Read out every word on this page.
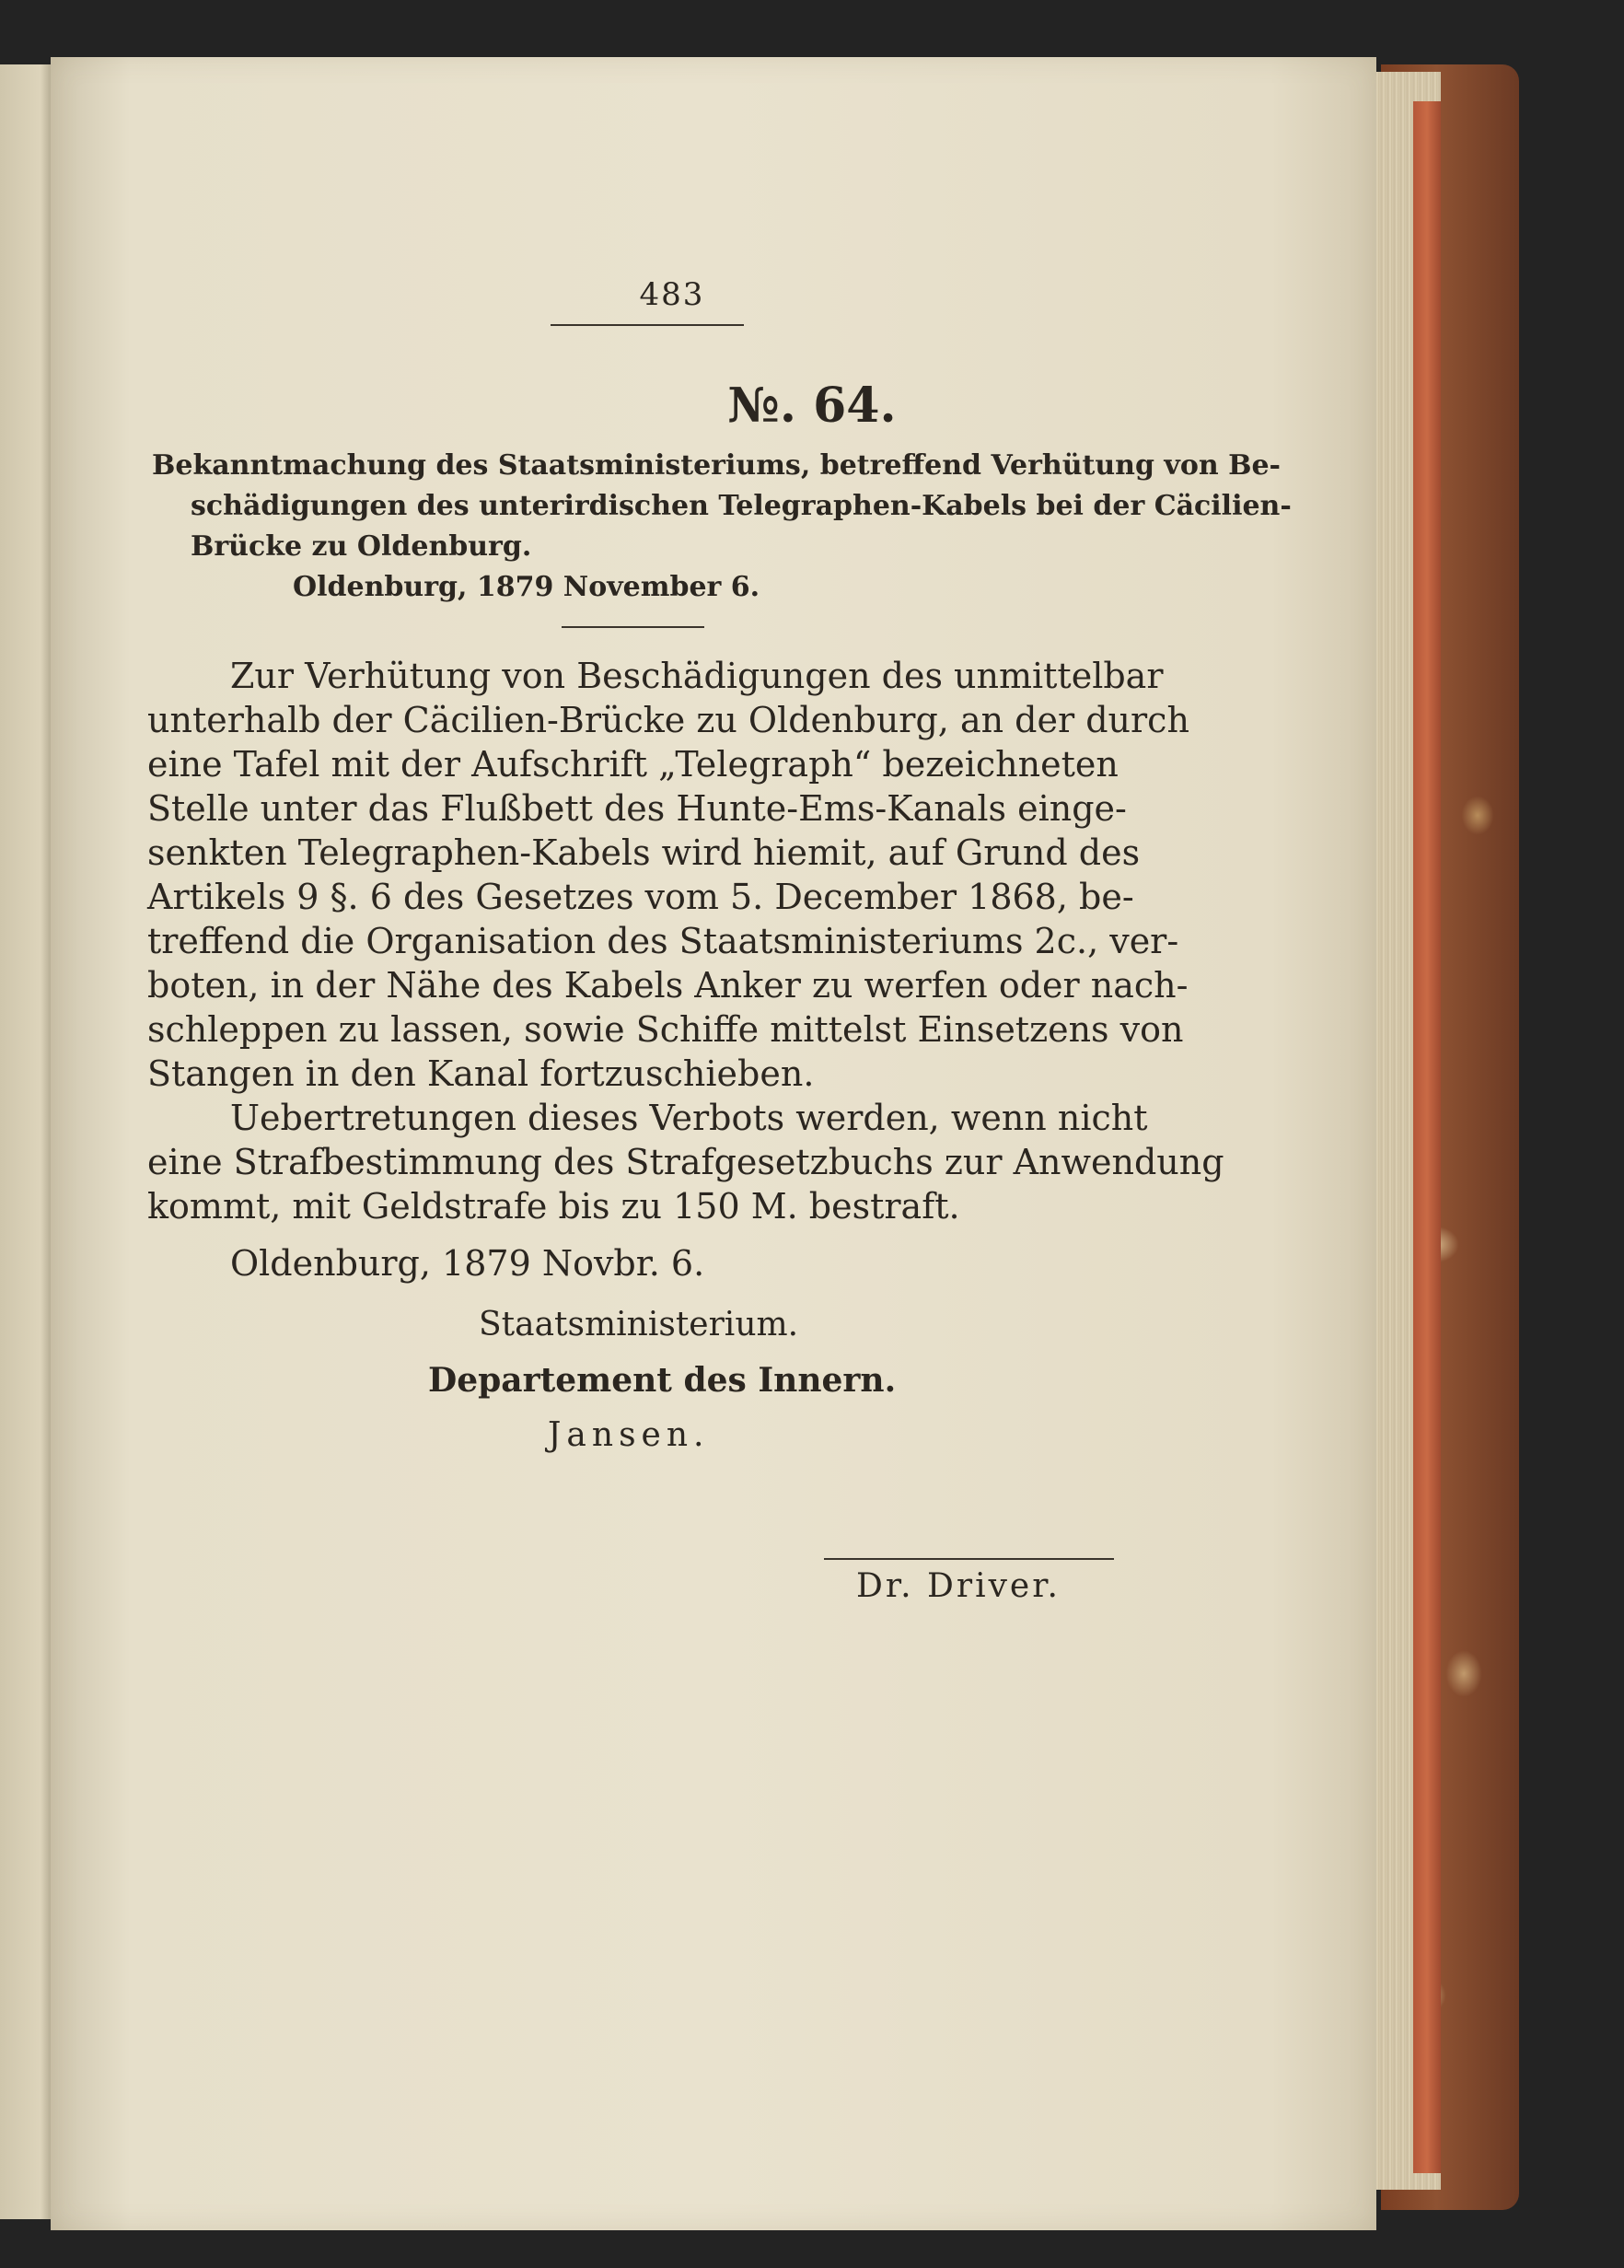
483
№. 64.
Bekanntmachung des Staatsministeriums, betreffend Verhütung von Be-
schädigungen des unterirdischen Telegraphen-Kabels bei der Cäcilien-
Brücke zu Oldenburg.
Oldenburg, 1879 November 6.
Zur Verhütung von Beschädigungen des unmittelbar
unterhalb der Cäcilien-Brücke zu Oldenburg, an der durch
eine Tafel mit der Aufschrift „Telegraph“ bezeichneten
Stelle unter das Flußbett des Hunte-Ems-Kanals einge-
senkten Telegraphen-Kabels wird hiemit, auf Grund des
Artikels 9 §. 6 des Gesetzes vom 5. December 1868, be-
treffend die Organisation des Staatsministeriums 2c., ver-
boten, in der Nähe des Kabels Anker zu werfen oder nach-
schleppen zu lassen, sowie Schiffe mittelst Einsetzens von
Stangen in den Kanal fortzuschieben.
Uebertretungen dieses Verbots werden, wenn nicht
eine Strafbestimmung des Strafgesetzbuchs zur Anwendung
kommt, mit Geldstrafe bis zu 150 M. bestraft.
Oldenburg, 1879 Novbr. 6.
Staatsministerium.
Departement des Innern.
Jansen.
Dr. Driver.
